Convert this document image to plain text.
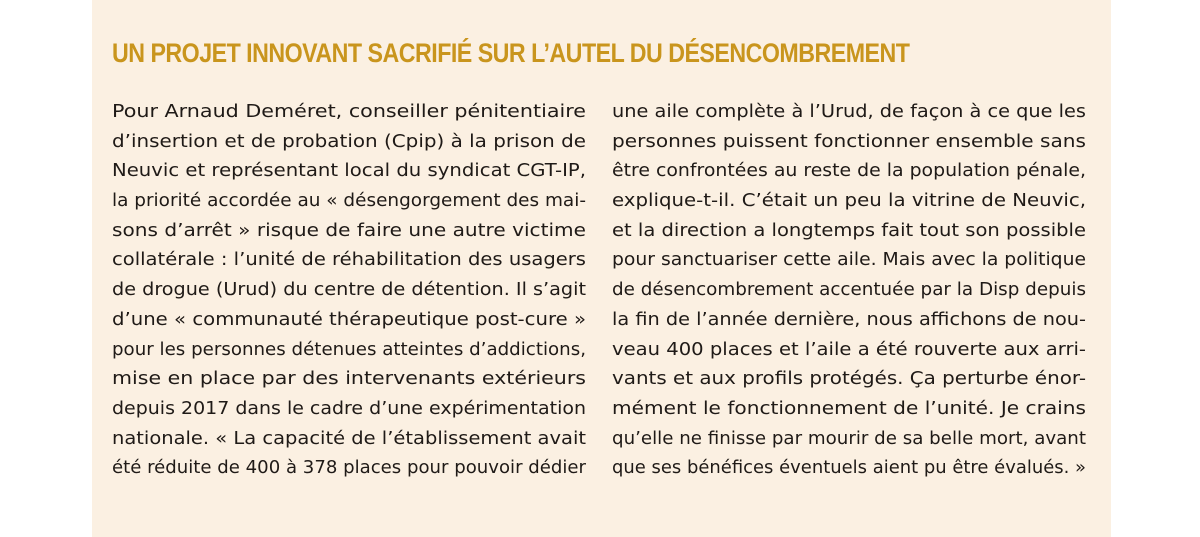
UN PROJET INNOVANT SACRIFIÉ SUR L’AUTEL DU DÉSENCOMBREMENT
Pour Arnaud Deméret, conseiller pénitentiaire
d’insertion et de probation (Cpip) à la prison de
Neuvic et représentant local du syndicat CGT-IP,
la priorité accordée au « désengorgement des mai-
sons d’arrêt » risque de faire une autre victime
collatérale : l’unité de réhabilitation des usagers
de drogue (Urud) du centre de détention. Il s’agit
d’une « communauté thérapeutique post-cure »
pour les personnes détenues atteintes d’addictions,
mise en place par des intervenants extérieurs
depuis 2017 dans le cadre d’une expérimentation
nationale. « La capacité de l’établissement avait
été réduite de 400 à 378 places pour pouvoir dédier
une aile complète à l’Urud, de façon à ce que les
personnes puissent fonctionner ensemble sans
être confrontées au reste de la population pénale,
explique-t-il. C’était un peu la vitrine de Neuvic,
et la direction a longtemps fait tout son possible
pour sanctuariser cette aile. Mais avec la politique
de désencombrement accentuée par la Disp depuis
la fin de l’année dernière, nous affichons de nou-
veau 400 places et l’aile a été rouverte aux arri-
vants et aux profils protégés. Ça perturbe énor-
mément le fonctionnement de l’unité. Je crains
qu’elle ne finisse par mourir de sa belle mort, avant
que ses bénéfices éventuels aient pu être évalués. »
